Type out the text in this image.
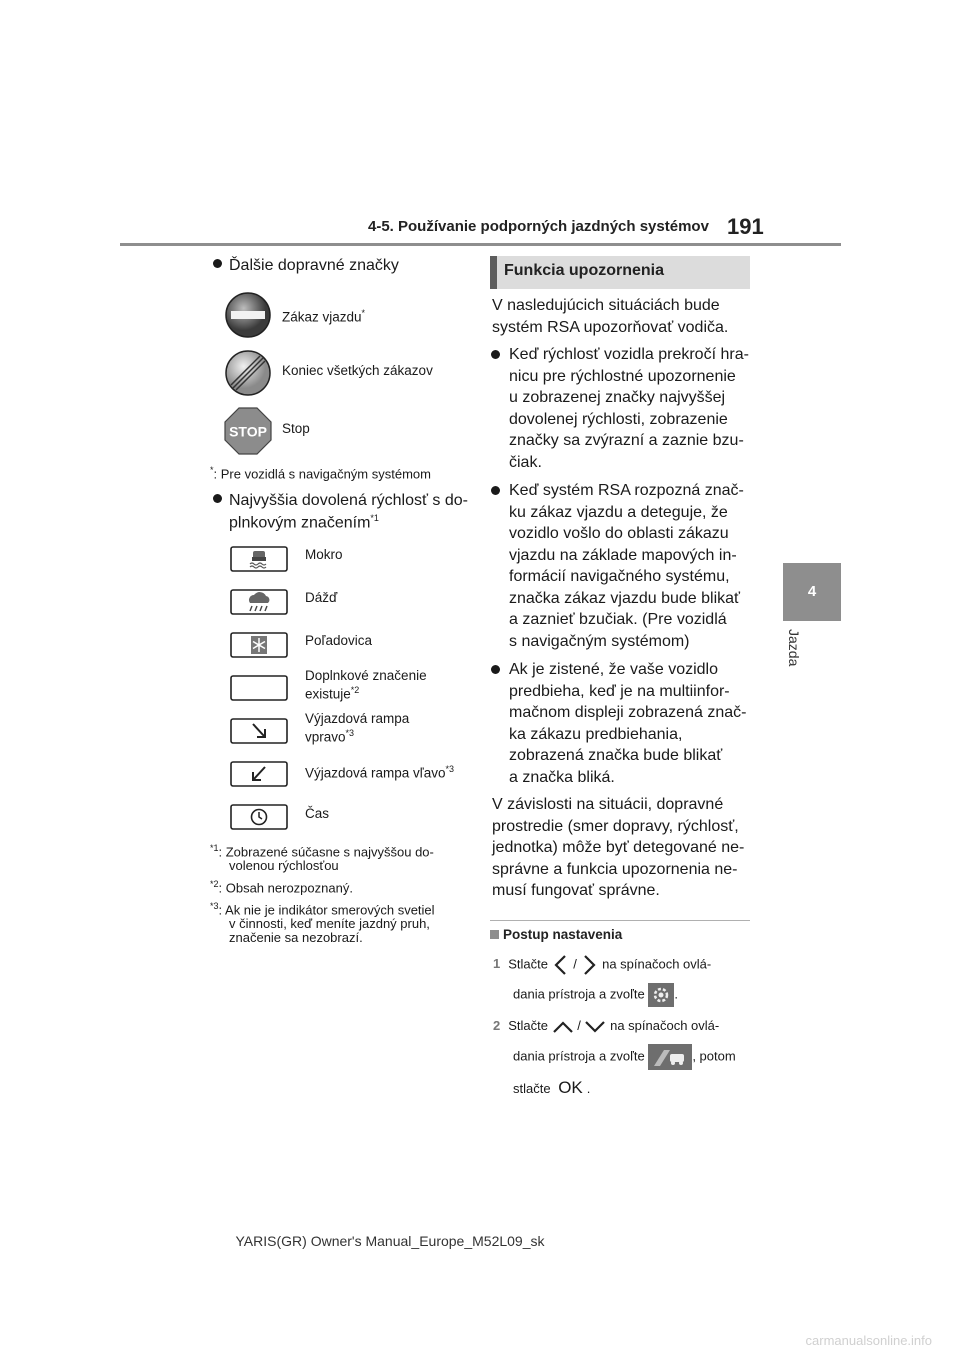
4-5. Používanie podporných jazdných systémov 191
4
Jazda
Ďalšie dopravné značky
Zákaz vjazdu*
Koniec všetkých zákazov
STOP Stop
*: Pre vozidlá s navigačným systémom
Najvyššia dovolená rýchlosť s do-
plnkovým značením$^{*1}$
Mokro
Dážď
Poľadovica
Doplnkové značenie
existuje$^{*2}$
Výjazdová rampa
vpravo$^{*3}$
Výjazdová rampa vľavo$^{*3}$
Čas
$^{*1}$: Zobrazené súčasne s najvyššou do-
volenou rýchlosťou
$^{*2}$: Obsah nerozpoznaný.
$^{*3}$: Ak nie je indikátor smerových svetiel
v činnosti, keď meníte jazdný pruh,
značenie sa nezobrazí.
Funkcia upozornenia
V nasledujúcich situáciách bude
systém RSA upozorňovať vodiča.
Keď rýchlosť vozidla prekročí hra-
nicu pre rýchlostné upozornenie
u zobrazenej značky najvyššej
dovolenej rýchlosti, zobrazenie
značky sa zvýrazní a zaznie bzu-
čiak.
Keď systém RSA rozpozná znač-
ku zákaz vjazdu a deteguje, že
vozidlo vošlo do oblasti zákazu
vjazdu na základe mapových in-
formácií navigačného systému,
značka zákaz vjazdu bude blikať
a zaznieť bzučiak. (Pre vozidlá
s navigačným systémom)
Ak je zistené, že vaše vozidlo
predbieha, keď je na multiinfor-
mačnom displeji zobrazená znač-
ka zákazu predbiehania,
zobrazená značka bude blikať
a značka bliká.
V závislosti na situácii, dopravné
prostredie (smer dopravy, rýchlosť,
jednotka) môže byť detegované ne-
správne a funkcia upozornenia ne-
musí fungovať správne.
Postup nastavenia
1 Stlačte / na spínačoch ovlá-
dania prístroja a zvoľte .
2 Stlačte / na spínačoch ovlá-
dania prístroja a zvoľte	, potom
stlačte OK .
YARIS(GR) Owner's Manual_Europe_M52L09_sk
carmanualsonline.info
